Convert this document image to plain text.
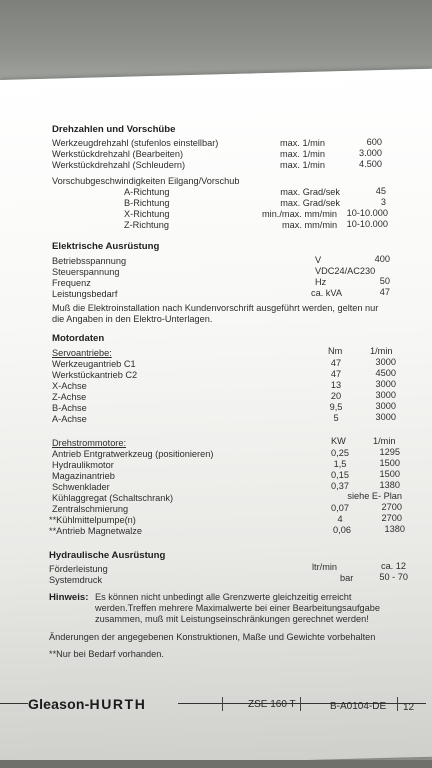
Drehzahlen und Vorschübe
Werkzeugdrehzahl (stufenlos einstellbar)	max. 1/min	600
Werkstückdrehzahl (Bearbeiten)	max. 1/min	3.000
Werkstückdrehzahl (Schleudern)	max. 1/min	4.500
Vorschubgeschwindigkeiten Eilgang/Vorschub
A-Richtung	max. Grad/sek	45
B-Richtung	max. Grad/sek	3
X-Richtung	min./max. mm/min	10-10.000
Z-Richtung	max. mm/min	10-10.000
Elektrische Ausrüstung
Betriebsspannung	V	400
Steuerspannung	VDC24/AC230
Frequenz	Hz	50
Leistungsbedarf	ca. kVA	47
Muß die Elektroinstallation nach Kundenvorschrift ausgeführt werden, gelten nur
die Angaben in den Elektro-Unterlagen.
Motordaten
Servoantriebe:	Nm	1/min
Werkzeugantrieb C1	47	3000
Werkstückantrieb C2	47	4500
X-Achse	13	3000
Z-Achse	20	3000
B-Achse	9,5	3000
A-Achse	5	3000
Drehstrommotore:	KW	1/min
Antrieb Entgratwerkzeug (positionieren)	0,25	1295
Hydraulikmotor	1,5	1500
Magazinantrieb	0,15	1500
Schwenklader	0,37	1380
Kühlaggregat (Schaltschrank)	siehe E- Plan
Zentralschmierung	0,07	2700
**Kühlmittelpumpe(n)	4	2700
**Antrieb Magnetwalze	0,06	1380
Hydraulische Ausrüstung
Förderleistung	ltr/min	ca. 12
Systemdruck	bar	50 - 70
Hinweis: Es können nicht unbedingt alle Grenzwerte gleichzeitig erreicht
werden.Treffen mehrere Maximalwerte bei einer Bearbeitungsaufgabe
zusammen, muß mit Leistungseinschränkungen gerechnet werden!
Änderungen der angegebenen Konstruktionen, Maße und Gewichte vorbehalten
**Nur bei Bedarf vorhanden.
Gleason-HURTH	ZSE 160 T	B-A0104-DE 12
